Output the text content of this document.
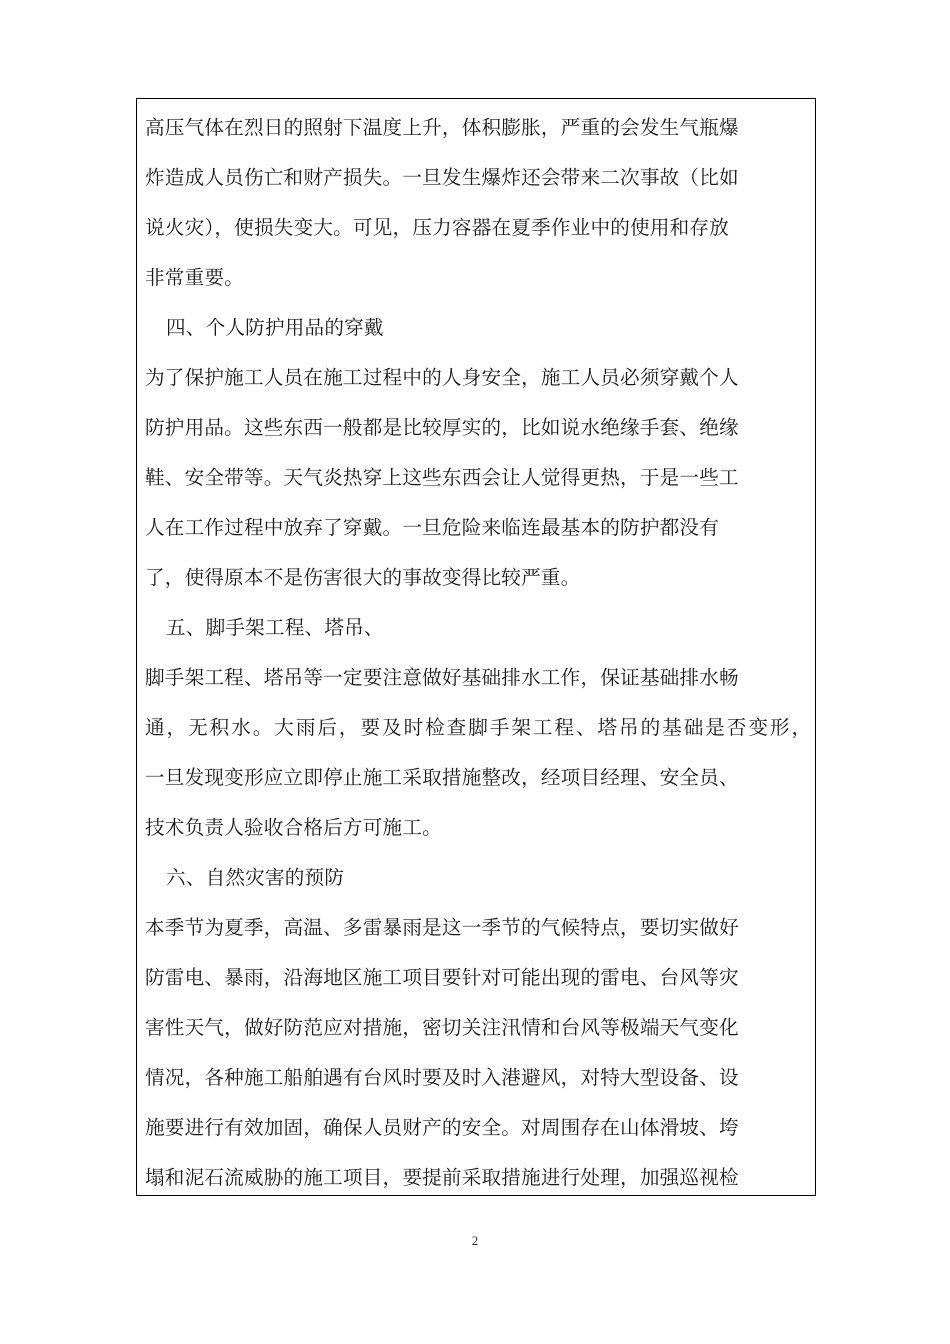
高压气体在烈日的照射下温度上升，体积膨胀，严重的会发生气瓶爆
炸造成人员伤亡和财产损失。一旦发生爆炸还会带来二次事故（比如
说火灾），使损失变大。可见，压力容器在夏季作业中的使用和存放
非常重要。
四、个人防护用品的穿戴
为了保护施工人员在施工过程中的人身安全，施工人员必须穿戴个人
防护用品。这些东西一般都是比较厚实的，比如说水绝缘手套、绝缘
鞋、安全带等。天气炎热穿上这些东西会让人觉得更热，于是一些工
人在工作过程中放弃了穿戴。一旦危险来临连最基本的防护都没有
了，使得原本不是伤害很大的事故变得比较严重。
五、脚手架工程、塔吊、
脚手架工程、塔吊等一定要注意做好基础排水工作，保证基础排水畅
通，无积水。大雨后，要及时检查脚手架工程、塔吊的基础是否变形，
一旦发现变形应立即停止施工采取措施整改，经项目经理、安全员、
技术负责人验收合格后方可施工。
六、自然灾害的预防
本季节为夏季，高温、多雷暴雨是这一季节的气候特点，要切实做好
防雷电、暴雨，沿海地区施工项目要针对可能出现的雷电、台风等灾
害性天气，做好防范应对措施，密切关注汛情和台风等极端天气变化
情况，各种施工船舶遇有台风时要及时入港避风，对特大型设备、设
施要进行有效加固，确保人员财产的安全。对周围存在山体滑坡、垮
塌和泥石流威胁的施工项目，要提前采取措施进行处理，加强巡视检
2
